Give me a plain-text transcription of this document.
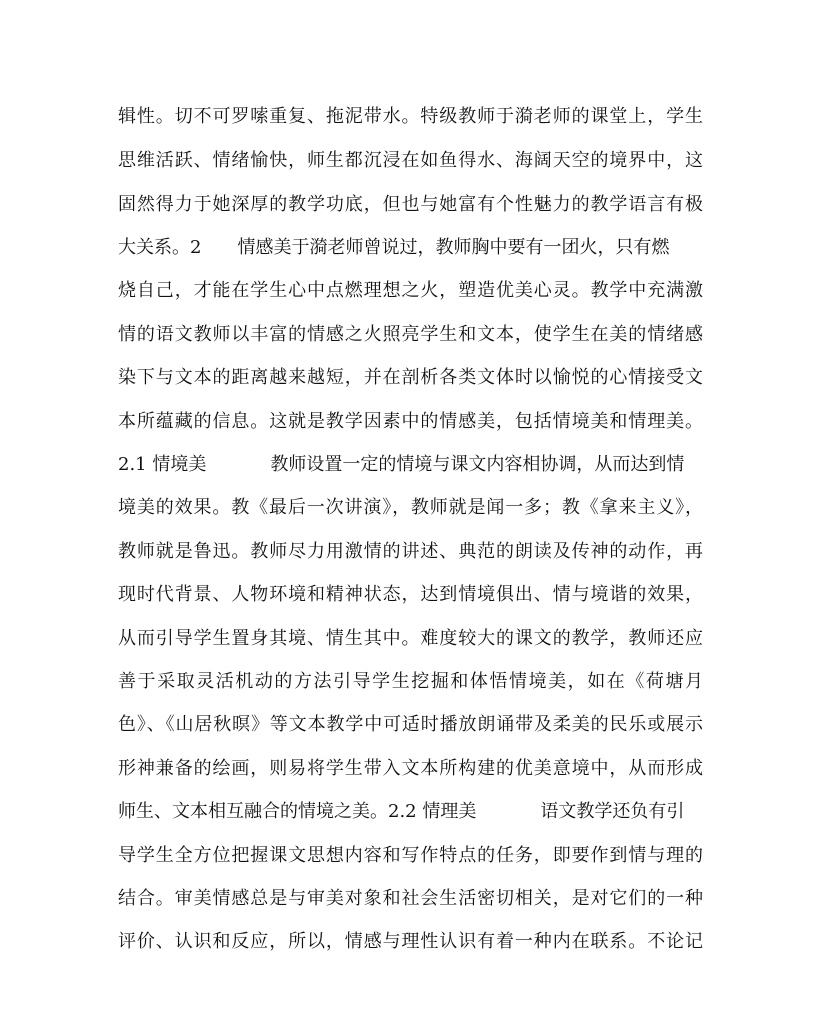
辑性。切不可罗嗦重复、拖泥带水。特级教师于漪老师的课堂上，学生
思维活跃、情绪愉快，师生都沉浸在如鱼得水、海阔天空的境界中，这
固然得力于她深厚的教学功底，但也与她富有个性魅力的教学语言有极
大关系。2 情感美于漪老师曾说过，教师胸中要有一团火，只有燃
烧自己，才能在学生心中点燃理想之火，塑造优美心灵。教学中充满激
情的语文教师以丰富的情感之火照亮学生和文本，使学生在美的情绪感
染下与文本的距离越来越短，并在剖析各类文体时以愉悦的心情接受文
本所蕴藏的信息。这就是教学因素中的情感美，包括情境美和情理美。
2.1 情境美	教师设置一定的情境与课文内容相协调，从而达到情
境美的效果。教《最后一次讲演》，教师就是闻一多；教《拿来主义》，
教师就是鲁迅。教师尽力用激情的讲述、典范的朗读及传神的动作，再
现时代背景、人物环境和精神状态，达到情境俱出、情与境谐的效果，
从而引导学生置身其境、情生其中。难度较大的课文的教学，教师还应
善于采取灵活机动的方法引导学生挖掘和体悟情境美，如在《荷塘月
色》、《山居秋暝》等文本教学中可适时播放朗诵带及柔美的民乐或展示
形神兼备的绘画，则易将学生带入文本所构建的优美意境中，从而形成
师生、文本相互融合的情境之美。2.2 情理美	语文教学还负有引
导学生全方位把握课文思想内容和写作特点的任务，即要作到情与理的
结合。审美情感总是与审美对象和社会生活密切相关，是对它们的一种
评价、认识和反应，所以，情感与理性认识有着一种内在联系。不论记
